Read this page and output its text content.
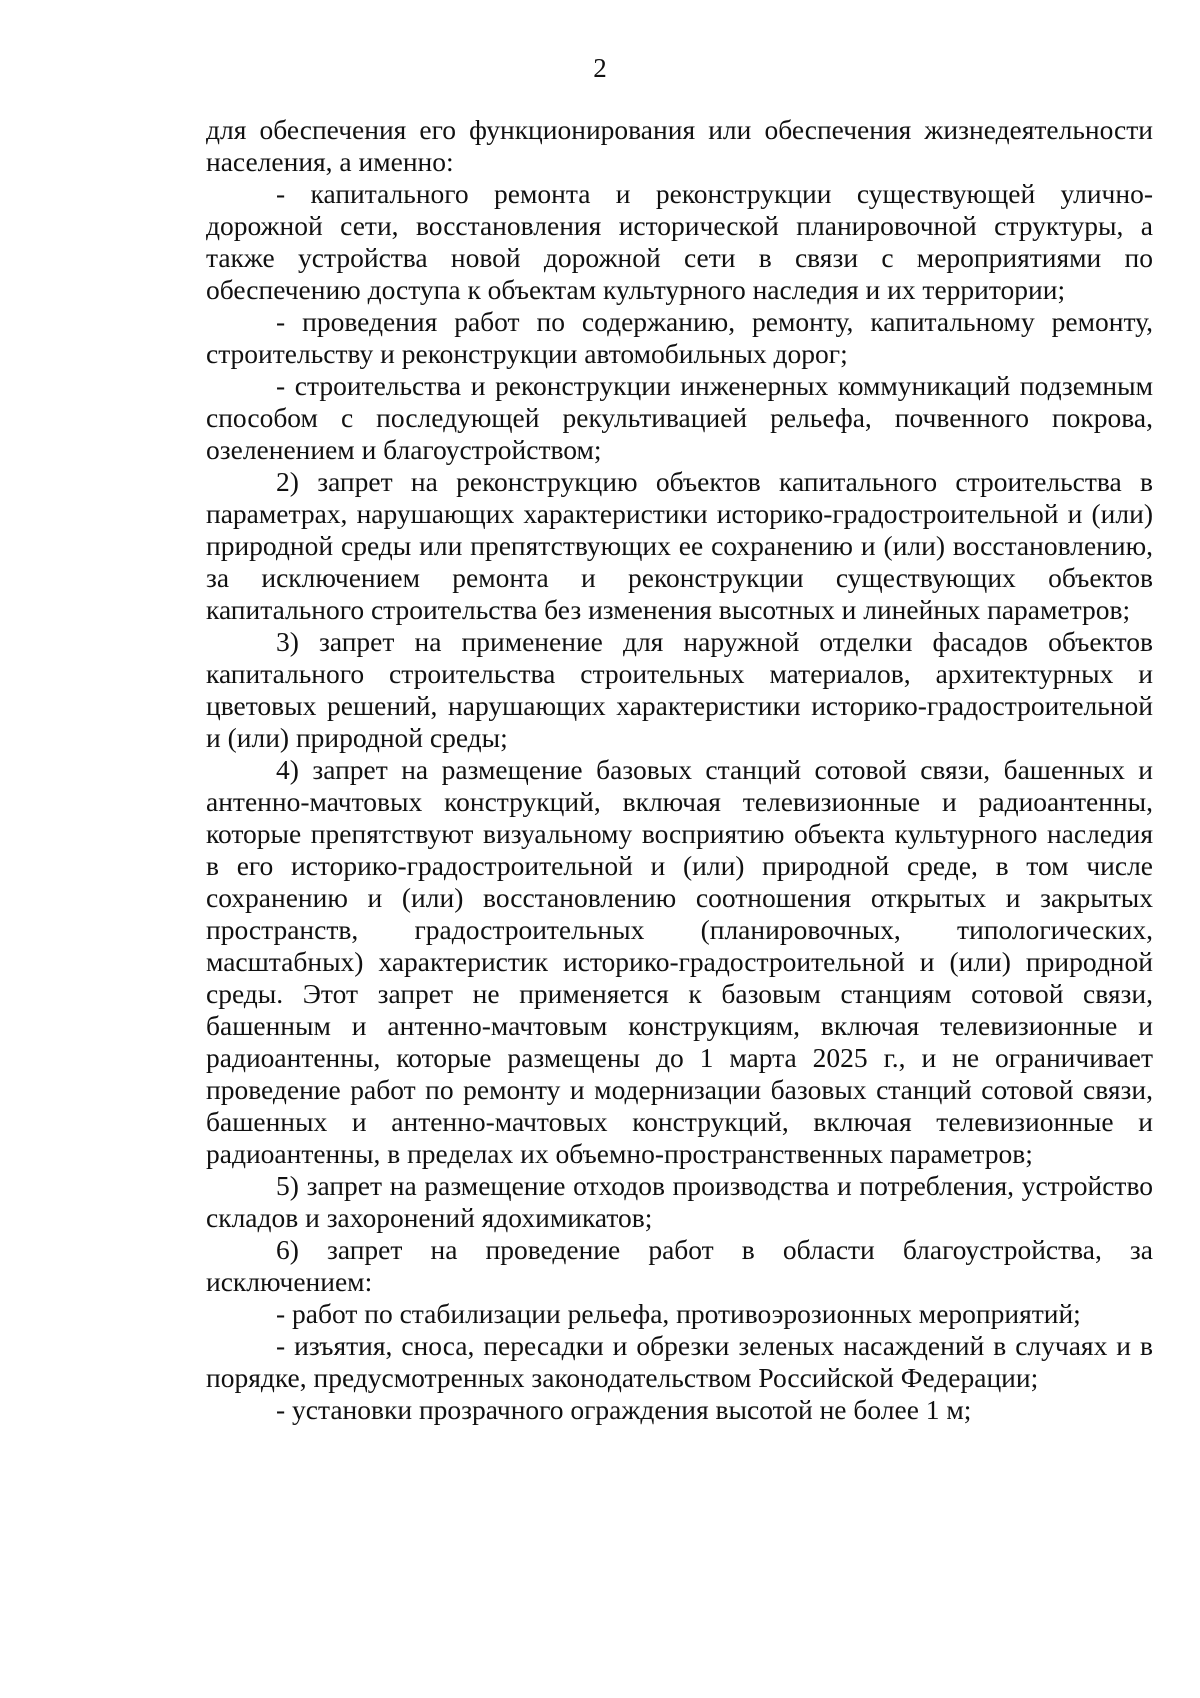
2

для обеспечения его функционирования или обеспечения жизнедеятельности населения, а именно:

- капитального ремонта и реконструкции существующей улично-дорожной сети, восстановления исторической планировочной структуры, а также устройства новой дорожной сети в связи с мероприятиями по обеспечению доступа к объектам культурного наследия и их территории;

- проведения работ по содержанию, ремонту, капитальному ремонту, строительству и реконструкции автомобильных дорог;

- строительства и реконструкции инженерных коммуникаций подземным способом с последующей рекультивацией рельефа, почвенного покрова, озеленением и благоустройством;

2) запрет на реконструкцию объектов капитального строительства в параметрах, нарушающих характеристики историко-градостроительной и (или) природной среды или препятствующих ее сохранению и (или) восстановлению, за исключением ремонта и реконструкции существующих объектов капитального строительства без изменения высотных и линейных параметров;

3) запрет на применение для наружной отделки фасадов объектов капитального строительства строительных материалов, архитектурных и цветовых решений, нарушающих характеристики историко-градостроительной и (или) природной среды;

4) запрет на размещение базовых станций сотовой связи, башенных и антенно-мачтовых конструкций, включая телевизионные и радиоантенны, которые препятствуют визуальному восприятию объекта культурного наследия в его историко-градостроительной и (или) природной среде, в том числе сохранению и (или) восстановлению соотношения открытых и закрытых пространств, градостроительных (планировочных, типологических, масштабных) характеристик историко-градостроительной и (или) природной среды. Этот запрет не применяется к базовым станциям сотовой связи, башенным и антенно-мачтовым конструкциям, включая телевизионные и радиоантенны, которые размещены до 1 марта 2025 г., и не ограничивает проведение работ по ремонту и модернизации базовых станций сотовой связи, башенных и антенно-мачтовых конструкций, включая телевизионные и радиоантенны, в пределах их объемно-пространственных параметров;

5) запрет на размещение отходов производства и потребления, устройство складов и захоронений ядохимикатов;

6) запрет на проведение работ в области благоустройства, за исключением:

- работ по стабилизации рельефа, противоэрозионных мероприятий;

- изъятия, сноса, пересадки и обрезки зеленых насаждений в случаях и в порядке, предусмотренных законодательством Российской Федерации;

- установки прозрачного ограждения высотой не более 1 м;
